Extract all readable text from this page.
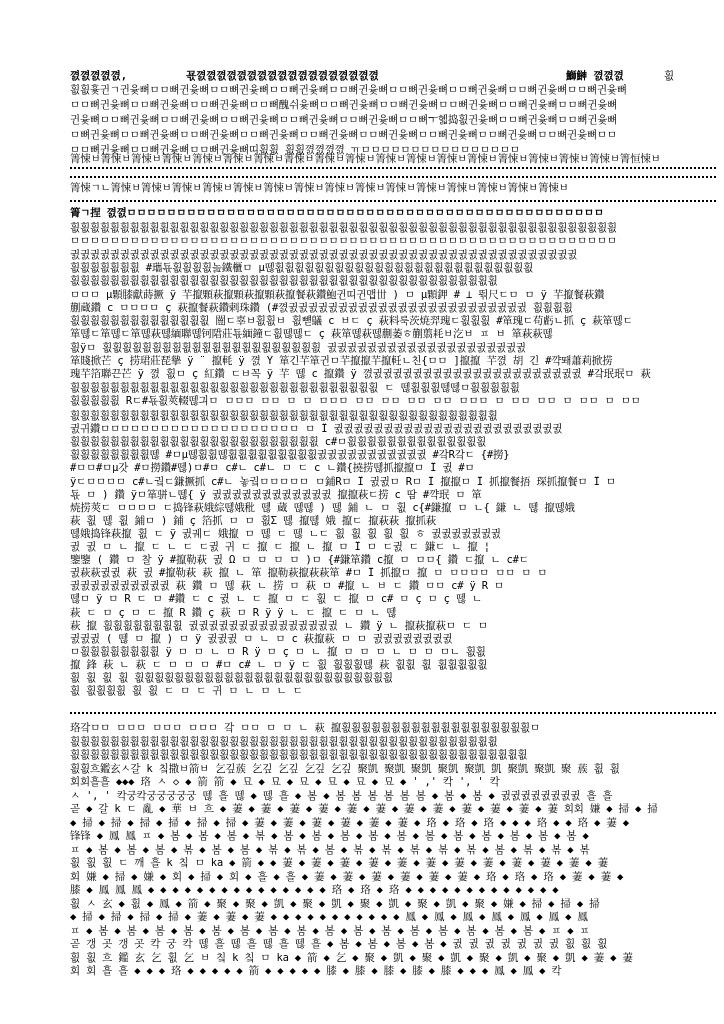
꼀꼀꼀꼀꼀,	꾟꼀꼀꼀꼀꼀꼀꼀꼀꼀꼀꼀꼀꼀꼀꼀꼀꼀꼀	鰤鰰 꼀꼀꼀	횞
횞횞흋귄ㄱ귄윷뼈ㅁㅁ뼈귄윷뼈ㅁㅁ뼈귄윷뼈ㅁㅁ뼈귄윷뼈ㅁㅁ뼈귄윷뼈ㅁㅁ뼈귄윷뼈ㅁㅁ뼈귄윷뼈ㅁㅁ뼈귄윷뼈ㅁㅁ뼈귄윷뼈
ㅁㅁ뼈귄윷뼈ㅁㅁ뼈귄윷뼈ㅁㅁ뼈귄윷뼈ㅁㅁ뼈醜쉬윷뼈ㅁㅁ뼈귄윷뼈ㅁㅁ뼈귄윷뼈ㅁㅁ뼈귄윷뼈ㅁㅁ뼈귄윷뼈ㅁㅁ뼈귄윷뼈
귄윷뼈ㅁㅁ뼈귄윷뼈ㅁㅁ뼈귄윷뼈ㅁㅁ뼈귄윷뼈ㅁㅁ뼈귄윷뼈ㅁㅁ뼈귄윷뼈ㅁㅁ뼈ㅜ혧捣횞귄윷뼈ㅁㅁ뼈귄윷뼈ㅁㅁ뼈귄윷뼈
ㅁ뼈귄윷뼈ㅁㅁ뼈귄윷뼈ㅁㅁ뼈귄윷뼈ㅁㅁ뼈귄윷뼈ㅁㅁ뼈귄윷뼈ㅁㅁ뼈귄윷뼈ㅁㅁ뼈귄윷뼈ㅁㅁ뼈귄윷뼈ㅁㅁ뼈귄윷뼈ㅁㅁ
ㅁㅁ뼈귄윷뼈ㅁㅁ뼈귄윷뼈ㅁㅁ뼈귄윷뼈띠횞횞 횞횞꼀꼀꼀꼀 ㅠㅁㅁㅁㅁㅁㅁㅁㅁㅁㅁㅁㅁㅁㅁㅁㅁ
箐悚ㅂ箐悚ㅂ箐悚ㅂ箐悚ㅂ箐悚ㅂ箐悚ㅂ箐悚ㅂ箐悚ㅂ箐悚ㅂ箐悚ㅂ箐悚ㅂ箐悚ㅂ箐悚ㅂ箐悚ㅂ箐悚ㅂ箐悚ㅂ箐悚ㅂ箐悚ㅂ箐恒悚ㅂ
箐悚ㄱㄴ箐悚ㅂ箐悚ㅂ箐悚ㅂ箐悚ㅂ箐悚ㅂ箐悚ㅂ箐悚ㅂ箐悚ㅂ箐悚ㅂ箐悚ㅂ箐悚ㅂ箐悚ㅂ箐悚ㅂ箐悚ㅂ箐悚ㅂ
箐ㄱ捏 꼀꼀ㅁㅁㅁㅁㅁㅁㅁㅁㅁㅁㅁㅁㅁㅁㅁㅁㅁㅁㅁㅁㅁㅁㅁㅁㅁㅁㅁㅁㅁㅁㅁㅁㅁㅁㅁㅁㅁㅁㅁㅁㅁㅁㅁㅁㅁㅁㅁㅁ
횞횞횞횞횞횞횞횞횞횞횞횞횞횞횞횞횞횞횞횞횞횞횞횞횞횞횞횞횞횞횞횞횞횞횞횞횞횞횞횞횞횞횞횞횞횞횞횞횞횞횞횞횞횞횞
ㅁㅁㅁㅁㅁㅁㅁㅁㅁㅁㅁㅁㅁㅁㅁㅁㅁㅁㅁㅁㅁㅁㅁㅁㅁㅁㅁㅁㅁㅁㅁㅁㅁㅁㅁㅁㅁㅁㅁㅁㅁㅁㅁㅁㅁㅁㅁㅁㅁㅁㅁㅁㅁㅁㅁ
귌귌귌귌귌귌귌귌귌귌귌귌귌귌귌귌귌귌귌귌귌귌귌귌귌귌귌귌귌귌귌귌귌귌귌귌귌귌귌귌귌귌귌귌귌귌귌귌귌귌귌
횞횞횞횞횞횞횞 #瓗됷횞횞횞횞놆鐵櫃ㅁ μ뗂횞횞횞횞횞횞횞횞횞횞횞횞횞횞횞횞횞횞횞횞횞횞횞횞횞횞
횞횞횞횞횞횞횞횞횞횞횞횞횞횞횞횞횞횞횞횞횞횞횞횞횞횞횞횞횞횞횞횞횞횞횞횞횞횞횞횞횞횞횞
ㅁㅁㅁ μ顆膝獻蒔撅 ÿ 芉攛顆萩攛顆萩攛顆萩攛餐萩鑽鮑귄띠귄맵丗 ) ㅁ μ顆鉀 # ⊥ 뚺尺ㄷㅁ ㅁ ÿ 芉攛餐萩鑽
蒯蔵鑽 c ㅁㅁㅁㅁ ç 萩攛餐萩鑽剌珠鑽 (#꼀귌귌귌귌귌귌귌귌귌귌귌귌귌귌귌귌귌귌귌귌귌귌귌귌 횞횞횞횞
횞횞횞횞횞횞횞횞횞횞횞횞횞횞 闓ㄷ辜ㅂ횞횞ㅂ 횞뺻鸃 c ㅂㄷ ç 萩料룩茨焼羿瑰ㄷ횞횞횞 #箪瑰ㄷ苟虧ㄴ抓 ç 萩箪뗂ㄷ
箪뗂ㄷ箪뗂ㄷ箪뗂萩뗂緬聯뗂钶陹莊됷緬鐘ㄷ횞뗂뗂ㄷ ç 萩箪뗂萩뗂蒯萎ㅎ蒯翦耗ㅂ汔ㅂ ㅍ ㅂ 箪萩萩뗂
횞ÿㅁ 횞횞횞횞횞횞횞횞횞횞횞횞횞횞횞횞횞횞횞횞횞횞 귌귌귌귌귌귌귌귌귌귌귌귌귌귌귌귌귌귌귌귌
箪賤掀芒 ç 捞珺莊琵摰 ÿ ¨ 攛軞 ÿ 꼀 Ÿ 箪긴芉箪귄ㅁ芉攛攛芉攛軠ㄴ친{ㅁㅁ ]攛攛 芉꼀 胡 긴 #꺅뙈蕭莉掀捞
瑰芉箔聯끈芒 ÿ 꼀 횞ㅁ ç 紅鑽 ㄷㅂ꼭 ÿ 芉 뗂 c 攛鑽 ÿ 꼀귌귌귌귌귌귌귌귌귌귌귌귌귌귌귌귌귌귌귌귌귌 #갘珉珉ㅁ 萩
횞횞횞횞횞횞횞횞횞횞횞횞횞횞횞횞횞횞횞횞횞횞횞횞횞횞횞횞횞횞횞 ㄷ 뗂횞횞횞뗂뗂ㅁ횞횞횞횞횞
횞횞횞횞횞 Rㄷ#됷횞莢輟뗂긔ㅁ ㅁㅁㅁ ㅁㅁ ㅁ ㅁ ㅁㅁㅁ ㅁㅁ ㅁㅁ ㅁㅁ ㅁㅁ ㅁㅁㅁ ㅁ ㅁㅁ ㅁㅁ ㅁ ㅁㅁ ㅁ ㅁㅁ
횞횞횞횞횞횞횞횞횞횞횞횞횞횞횞횞횞횞횞횞횞횞횞횞횞횞횞횞횞횞횞횞횞횞횞횞횞횞횞횞횞횞횞
귌귀鑽ㅁㅁㅁㅁㅁㅁㅁㅁㅁㅁㅁㅁㅁㅁㅁㅁㅁㅁㅁㅁ ㅁ Î 귌귌귌귌귌귌귌귌귌귌귌귌귌귌귌귌귌귌귌귌귌귌귌
횞횞횞횞횞횞횞횞횞횞횞횞횞횞횞횞횞횞횞횞횞횞횞횞횞 c#ㅁ횞횞횞횞횞횞횞횞횞횞횞횞횞횞
횞횞횞횞횞횞횞횞뗂 #ㅁμ뗂횞횞뗂횞횞횞횞횞횞횞횞횞귌귌귌귌귌귌귌귌귌귌귌 #갘R갘ㄷ {#撈}
#ㅁㅁ#ㅁµ갓 #ㅁ撈鑽#뗂)ㅁ#ㅁ c#ㄴ c#ㄴ ㅁ ㄷ c ㄴ鑽{撓捞뗂抓攛攛ㅁ Î 귌 #ㅁ
ÿㄷㅁㅁㅁㅁ c#ㄴ궠ㄷ鎌撅抓 c#ㄴ 놓궠ㅁㅁㅁㅁㅁ ㅁ鋪Rㅁ Î 귌귌ㅁ Rㅁ Î 攛攛ㅁ Î 抓攛餐捂 琛抓攛餐ㅁ Î ㅁ
됷 ㅁ ) 鑽 ÿㅁ箪骈ㄴ뗂{ ÿ 귌귌귌귌귌귌귌귌귌귌귌귌 攛攛萩ㄷ捞 c 땀 #꺅珉 ㅁ 箪
焼捞莢ㄷ ㅁㅁㅁㅁ ㄷ捣锋萩娥綜뗂娥秕 뗂 蔵 뗂뗂 ) 뗂 鋪 ㄴ ㅁ 횞 c{#鎌攛 ㅁ ㄴ{ 鎌 ㄴ 뗂 攛뗂娥
萩 횞 뗂 횞 鋪ㅁ ) 鋪 ç 箔抓 ㅁ ㅁ 횞Σ 뗂 攛뗂 娥 攛ㄷ 攛萩萩 攛抓萩
뗂娥捣锋萩攛 횞 ㄷ ÿ 귌궤ㄷ 娥攛 ㅁ 뗂 ㄷ 뗂 ㄴㄷ 횞 횞 횞 횞 횞 ㅎ 귌귌귌귌귌귌귌
귌 귌 ㅁ ㄴ 攛 ㄷ ㄴ ㄷ ㄷ귌 귀 ㄷ 攛 ㄷ 攛 ㄴ 攛 ㅁ Î ㅁ ㄷ귌 ㄷ 鎌ㄷ ㄴ 攛 ¦
鑒鑒 ( 鑽 ㅁ 찰 ÿ #攛勒萩 귌 Ω ㅁ ㅁ ㅁ ㅁ )ㅁ {#鎌箪鑽 c攛 ㅁ ㅁㅁ{ 鑽 ㄷ攛 ㄴ c#ㄷ
귌萩萩귌귌 萩 귌 #攛勒萩 萩 攛 ㄴ 箪 攛勒萩攛萩萩箪 #ㅁ Î 抓攛ㅁ 攛 ㅁ ㅁㅁㅁㅁ ㅁㅁ ㅁ ㅁ
귌귌귌귌귌귌귌귌귌귌 萩 鑽 ㅁ 뗂 萩 ㄴ 捞 ㅁ 萩 ㅁ #攛 ㄴ ㅂ ㄷ 鑽 ㅁㅁ c# ÿ R ㅁ
뗂ㅁ ÿ ㅁ R ㄷ ㅁ #鑽 ㄷ c 귌 ㄴ ㄷ 攛 ㅁ ㄷ 횞 ㄷ 攛 ㅁ c# ㅁ ç ㅁ ç 뗂 ㄴ
萩 ㄷ ㅁ ç ㅁ ㄷ 攛 R 鑽 ç 萩 ㅁ R ÿ ÿ ㄴ ㄷ 攛 ㄷ ㅁ ㄴ 뗂
萩 攛 횞횞횞횞횞횞횞횞 귌귌귌귌귌귌귌귌귌귌귌귌귌귌귌 ㄴ 鑽 ÿ ㄴ 攛萩攛萩ㅁ ㄷ ㅁ
귌귌귌 ( 뗂 ㅁ 攛 ) ㅁ ÿ 귌귌귌 ㅁ ㄴ ㅁ c 萩攛萩 ㅁ ㅁ 귌귌귌귌귌귌귌귌
ㅁ횞횞횞횞횞횞횞횞 ÿ ㅁ ㅁ ㄴ ㅁ R ÿ ㅁ ç ㅁ ㄴ 攛 ㅁ ㅁ ㅁ ㄴ ㅁ ㅁ ㅁㄴ 횞횞
攛 鋒 萩 ㄴ 萩 ㄷ ㅁ ㅁ ㅁ #ㅁ c# ㄴ ㅁ ÿ ㄷ 횞 횞횞횞뗂 萩 횞횞 횞 횞횞횞횞횞
횞 횞 횞 횞 횞횞횞횞횞횞횞횞횞횞횞횞횞횞횞횞횞횞횞횞횞횞횞횞횞횞
횞 횞횞횞횞 횞 횞 ㄷ ㅁ ㄷ 귀 ㅁ ㄴ ㅁ ㄴ ㄷ
珞갘ㅁㅁ ㅁㅁㅁ ㅁㅁㅁ ㅁㅁㅁ 갘 ㅁㅁ ㅁ ㅁ ㄴ 萩 攛횞횞횞횞횞횞횞횞횞횞횞횞횞횞횞횞횞횞횞ㅁ
횞횞횞횞횞횞횞횞횞횞횞횞횞횞횞횞횞횞횞횞횞횞횞횞횞횞횞횞횞횞횞횞횞횞횞횞횞횞횞횞횞횞횞
횞횞횞횞횞횞횞횞횞횞횞횞횞횞횞횞횞횞횞횞횞횞횞횞횞횞횞횞횞횞횞횞횞횞횞횞횞횞횞횞횞횞횞횞횞횞
횞횞흐鑑玄ㅅ갈 k 칰撒ㅂ箭ㅂ 乞깊蔟 乞깊 乞깊 乞깊 乞깊 聚凱 聚凱 聚凱 聚凱 聚凱 凱 聚凱 聚凱 聚 蔟 횞 횞
회회흘흘 ◆◆◆ 珞 ㅅ ◇ ◆ 箭 箭 ◆ 묘 ◆ 묘 ◆ 묘 ◆ 묘 ◆ 묘 ◆ 묘 ◆ ' ,' 칵 ', ' 칵
ㅅ ', ' 칵궁칵궁궁궁궁궁 뗂 흘 뗂 ◆ 뗂 흘 ◆ 봄 ◆ 봄 봄 봄 봄 봄 봄 ◆ 봄 ◆ 봄 ◆ 귌귌귌귌귌귌귌귌 흘 흘
곧 ◆ 갈 k ㄷ 亂 ◆ 華 ㅂ 흐 ◆ 萋 ◆ 萋 ◆ 萋 ◆ 萋 ◆ 萋 ◆ 萋 ◆ 萋 ◆ 萋 ◆ 萋 ◆ 萋 ◆ 萋 ◆ 萋 회회 嫌 ◆ 掃 ◆ 掃
◆ 掃 ◆ 掃 ◆ 掃 ◆ 掃 ◆ 掃 ◆ 掃 ◆ 萋 ◆ 萋 ◆ 萋 ◆ 萋 ◆ 萋 ◆ 萋 ◆ 珞 ◆ 珞 ◆ 珞 ◆ ◆ ◆ 珞 ◆ ◆ 珞 ◆ 萋 ◆
锋锋 ◆ 鳳 鳳 ㅍ ◆ 봄 ◆ 봄 ◆ 봄 ◆ 볶 ◆ 봄 ◆ 봄 ◆ 봄 ◆ 봄 ◆ 봄 ◆ 봄 ◆ 봄 ◆ 봄 ◆ 봄 ◆ 봄 ◆ 봄 ◆
ㅍ ◆ 봄 ◆ 봄 ◆ 봄 ◆ 볶 ◆ 봄 ◆ 봄 ◆ 볶 ◆ 볶 ◆ 봄 ◆ 볶 ◆ 볶 ◆ 볶 ◆ 볶 ◆ 볶 ◆ 봄 ◆ 볶 ◆ 볶 ◆ 볶
횞 횞 횞 ㄷ 깨 흘 k 칰 ㅁ ka ◆ 箭 ◆ ◆ 萋 ◆ 萋 ◆ 萋 ◆ 萋 ◆ 萋 ◆ 萋 ◆ 萋 ◆ 萋 ◆ 萋 ◆ 萋 ◆ 萋 ◆ 萋
회 嫌 ◆ 掃 ◆ 嫌 ◆ 회 ◆ 掃 ◆ 회 ◆ 흘 ◆ 흘 ◆ 萋 ◆ 萋 ◆ 萋 ◆ 萋 ◆ 萋 ◆ 萋 ◆ 珞 ◆ 珞 ◆ 珞 ◆ 萋 ◆ 萋 ◆
膝 ◆ 鳳 鳳 鳳 ◆ ◆ ◆ ◆ ◆ ◆ ◆ ◆ ◆ ◆ ◆ ◆ ◆ ◆ ◆ 珞 ◆ 珞 ◆ 珞 ◆ ◆ ◆ ◆ ◆ ◆ ◆ ◆ ◆ ◆ ◆ ◆ ◆
횞 ㅅ 玄 ◆ 횞 ◆ 鳳 ◆ 箭 ◆ 聚 ◆ 聚 ◆ 凱 ◆ 聚 ◆ 凱 ◆ 聚 ◆ 凱 ◆ 聚 ◆ 凱 ◆ 聚 ◆ 嫌 ◆ 掃 ◆ 掃 ◆ 掃
◆ 掃 ◆ 掃 ◆ 掃 ◆ 掃 ◆ 萋 ◆ 萋 ◆ 萋 ◆ ◆ ◆ ◆ ◆ ◆ ◆ ◆ ◆ ◆ ◆ 鳳 ◆ 鳳 ◆ 鳳 ◆ 鳳 ◆ 鳳 ◆ 鳳 ◆ 鳳
ㅍ ◆ 봄 ◆ 봄 ◆ 봄 ◆ 봄 ◆ 봄 ◆ 봄 ◆ 봄 ◆ 봄 ◆ 봄 ◆ 봄 ◆ 봄 ◆ 봄 ◆ 봄 ◆ 봄 ◆ 봄 ◆ 봄 ◆ ㅍ ◆ ㅍ
곧 갱 곳 갱 곳 칵 궁 칵 뗂 흘 뗂 흘 뗂 흘 뗂 흘 ◆ 봄 ◆ 봄 ◆ 봄 ◆ 봄 ◆ 귌 귌 귌 귌 귌 귌 귌 횞 횞 횞
횞 횞 흐 鑑 玄 乞 횞 乞 ㅂ 칰 k 칰 ㅁ ka ◆ 箭 ◆ 乞 ◆ 聚 ◆ 凱 ◆ 聚 ◆ 凱 ◆ 聚 ◆ 凱 ◆ 聚 ◆ 凱 ◆ 萋 ◆ 萋
회 회 흘 흘 ◆ ◆ ◆ 珞 ◆ ◆ ◆ ◆ ◆ 箭 ◆ ◆ ◆ ◆ ◆ 膝 ◆ 膝 ◆ 膝 ◆ 膝 ◆ 膝 ◆ ◆ ◆ 鳳 ◆ 鳳 ◆ 칵
